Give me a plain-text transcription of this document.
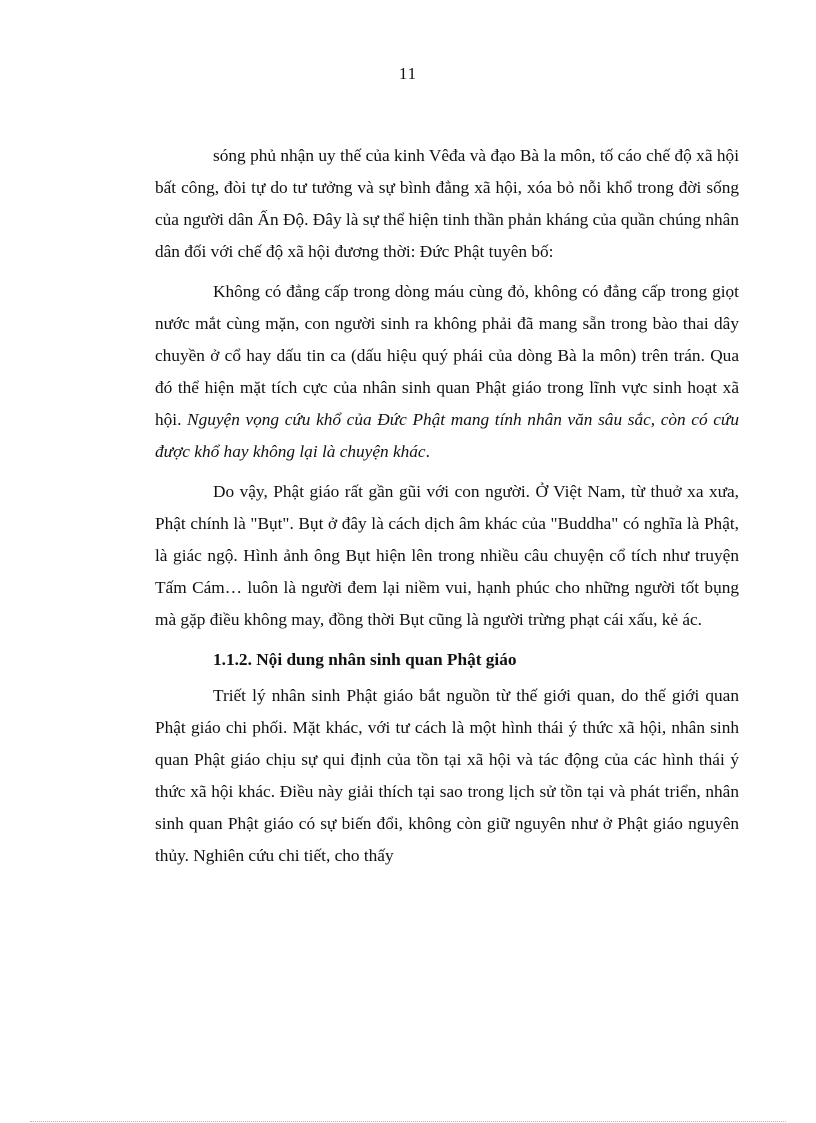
11

sóng phủ nhận uy thế của kinh Vêđa và đạo Bà la môn, tố cáo chế độ xã hội bất công, đòi tự do tư tưởng và sự bình đẳng xã hội, xóa bỏ nỗi khổ trong đời sống của người dân Ấn Độ. Đây là sự thể hiện tinh thần phản kháng của quần chúng nhân dân đối với chế độ xã hội đương thời: Đức Phật tuyên bố:

Không có đẳng cấp trong dòng máu cùng đỏ, không có đẳng cấp trong giọt nước mắt cùng mặn, con người sinh ra không phải đã mang sẵn trong bào thai dây chuyền ở cổ hay dấu tin ca (dấu hiệu quý phái của dòng Bà la môn) trên trán. Qua đó thể hiện mặt tích cực của nhân sinh quan Phật giáo trong lĩnh vực sinh hoạt xã hội. Nguyện vọng cứu khổ của Đức Phật mang tính nhân văn sâu sắc, còn có cứu được khổ hay không lại là chuyện khác.

Do vậy, Phật giáo rất gần gũi với con người. Ở Việt Nam, từ thuở xa xưa, Phật chính là "Bụt". Bụt ở đây là cách dịch âm khác của "Buddha" có nghĩa là Phật, là giác ngộ. Hình ảnh ông Bụt hiện lên trong nhiều câu chuyện cổ tích như truyện Tấm Cám… luôn là người đem lại niềm vui, hạnh phúc cho những người tốt bụng mà gặp điều không may, đồng thời Bụt cũng là người trừng phạt cái xấu, kẻ ác.

1.1.2. Nội dung nhân sinh quan Phật giáo

Triết lý nhân sinh Phật giáo bắt nguồn từ thế giới quan, do thế giới quan Phật giáo chi phối. Mặt khác, với tư cách là một hình thái ý thức xã hội, nhân sinh quan Phật giáo chịu sự qui định của tồn tại xã hội và tác động của các hình thái ý thức xã hội khác. Điều này giải thích tại sao trong lịch sử tồn tại và phát triển, nhân sinh quan Phật giáo có sự biến đổi, không còn giữ nguyên như ở Phật giáo nguyên thủy. Nghiên cứu chi tiết, cho thấy
